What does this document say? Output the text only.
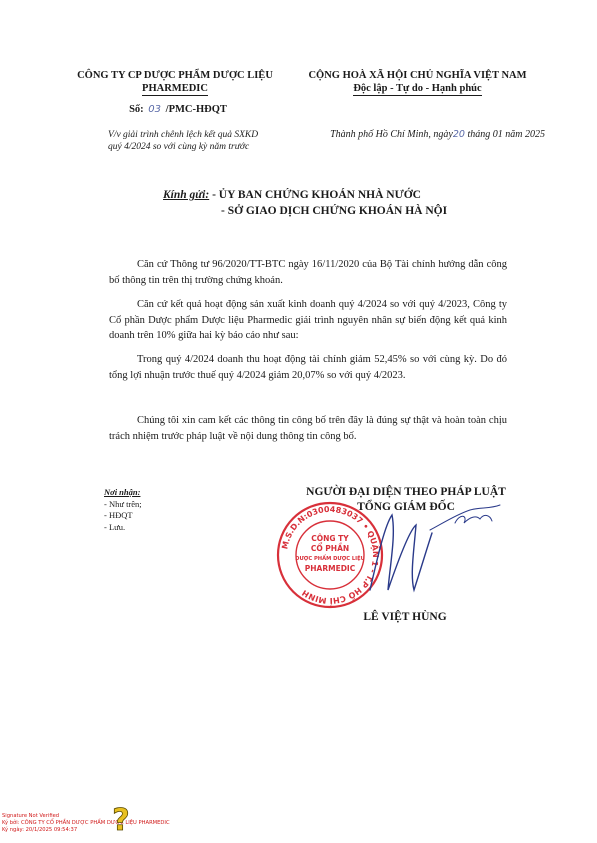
CÔNG TY CP DƯỢC PHẨM DƯỢC LIỆU
PHARMEDIC
Số: 03 /PMC-HĐQT
CỘNG HOÀ XÃ HỘI CHỦ NGHĨA VIỆT NAM
Độc lập - Tự do - Hạnh phúc
V/v giải trình chênh lệch kết quả SXKD
quý 4/2024 so với cùng kỳ năm trước
Thành phố Hồ Chí Minh, ngày20 tháng 01 năm 2025
Kính gửi: - ỦY BAN CHỨNG KHOÁN NHÀ NƯỚC
- SỞ GIAO DỊCH CHỨNG KHOÁN HÀ NỘI
Căn cứ Thông tư 96/2020/TT-BTC ngày 16/11/2020 của Bộ Tài chính hướng dẫn công bố thông tin trên thị trường chứng khoán.
Căn cứ kết quả hoạt động sản xuất kinh doanh quý 4/2024 so với quý 4/2023, Công ty Cổ phần Dược phẩm Dược liệu Pharmedic giải trình nguyên nhân sự biến động kết quả kinh doanh trên 10% giữa hai kỳ báo cáo như sau:
Trong quý 4/2024 doanh thu hoạt động tài chính giảm 52,45% so với cùng kỳ. Do đó tổng lợi nhuận trước thuế quý 4/2024 giảm 20,07% so với quý 4/2023.
Chúng tôi xin cam kết các thông tin công bố trên đây là đúng sự thật và hoàn toàn chịu trách nhiệm trước pháp luật về nội dung thông tin công bố.
Nơi nhận:
- Như trên;
- HĐQT
- Lưu.
M.S.D.N:0300483037 • QUẬN 1 - T.P HỒ CHÍ MINH
CÔNG TY
CỔ PHẦN
DƯỢC PHẨM DƯỢC LIỆU
PHARMEDIC
NGƯỜI ĐẠI DIỆN THEO PHÁP LUẬT
TỔNG GIÁM ĐỐC
LÊ VIỆT HÙNG
Signature Not Verified
Ký bởi: CÔNG TY CỔ PHẦN DƯỢC PHẨM DƯỢC LIỆU PHARMEDIC
Ký ngày: 20/1/2025 09:54:37	?
